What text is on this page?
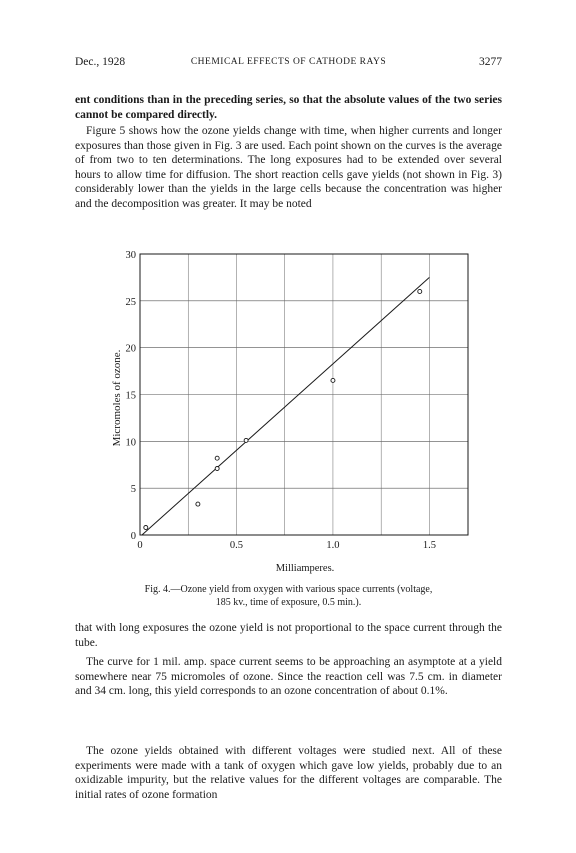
Dec., 1928	CHEMICAL EFFECTS OF CATHODE RAYS	3277

ent conditions than in the preceding series, so that the absolute values of the two series cannot be compared directly.

Figure 5 shows how the ozone yields change with time, when higher currents and longer exposures than those given in Fig. 3 are used. Each point shown on the curves is the average of from two to ten determinations. The long exposures had to be extended over several hours to allow time for diffusion. The short reaction cells gave yields (not shown in Fig. 3) considerably lower than the yields in the large cells because the concentration was higher and the decomposition was greater. It may be noted

0
5
10
15
20
25
30
0	0.5	1.0	1.5
Micromoles of ozone.
Milliamperes.
Fig. 4.—Ozone yield from oxygen with various space currents (voltage,
185 kv., time of exposure, 0.5 min.).

that with long exposures the ozone yield is not proportional to the space current through the tube.

The curve for 1 mil. amp. space current seems to be approaching an asymptote at a yield somewhere near 75 micromoles of ozone. Since the reaction cell was 7.5 cm. in diameter and 34 cm. long, this yield corresponds to an ozone concentration of about 0.1%.

The ozone yields obtained with different voltages were studied next. All of these experiments were made with a tank of oxygen which gave low yields, probably due to an oxidizable impurity, but the relative values for the different voltages are comparable. The initial rates of ozone formation
